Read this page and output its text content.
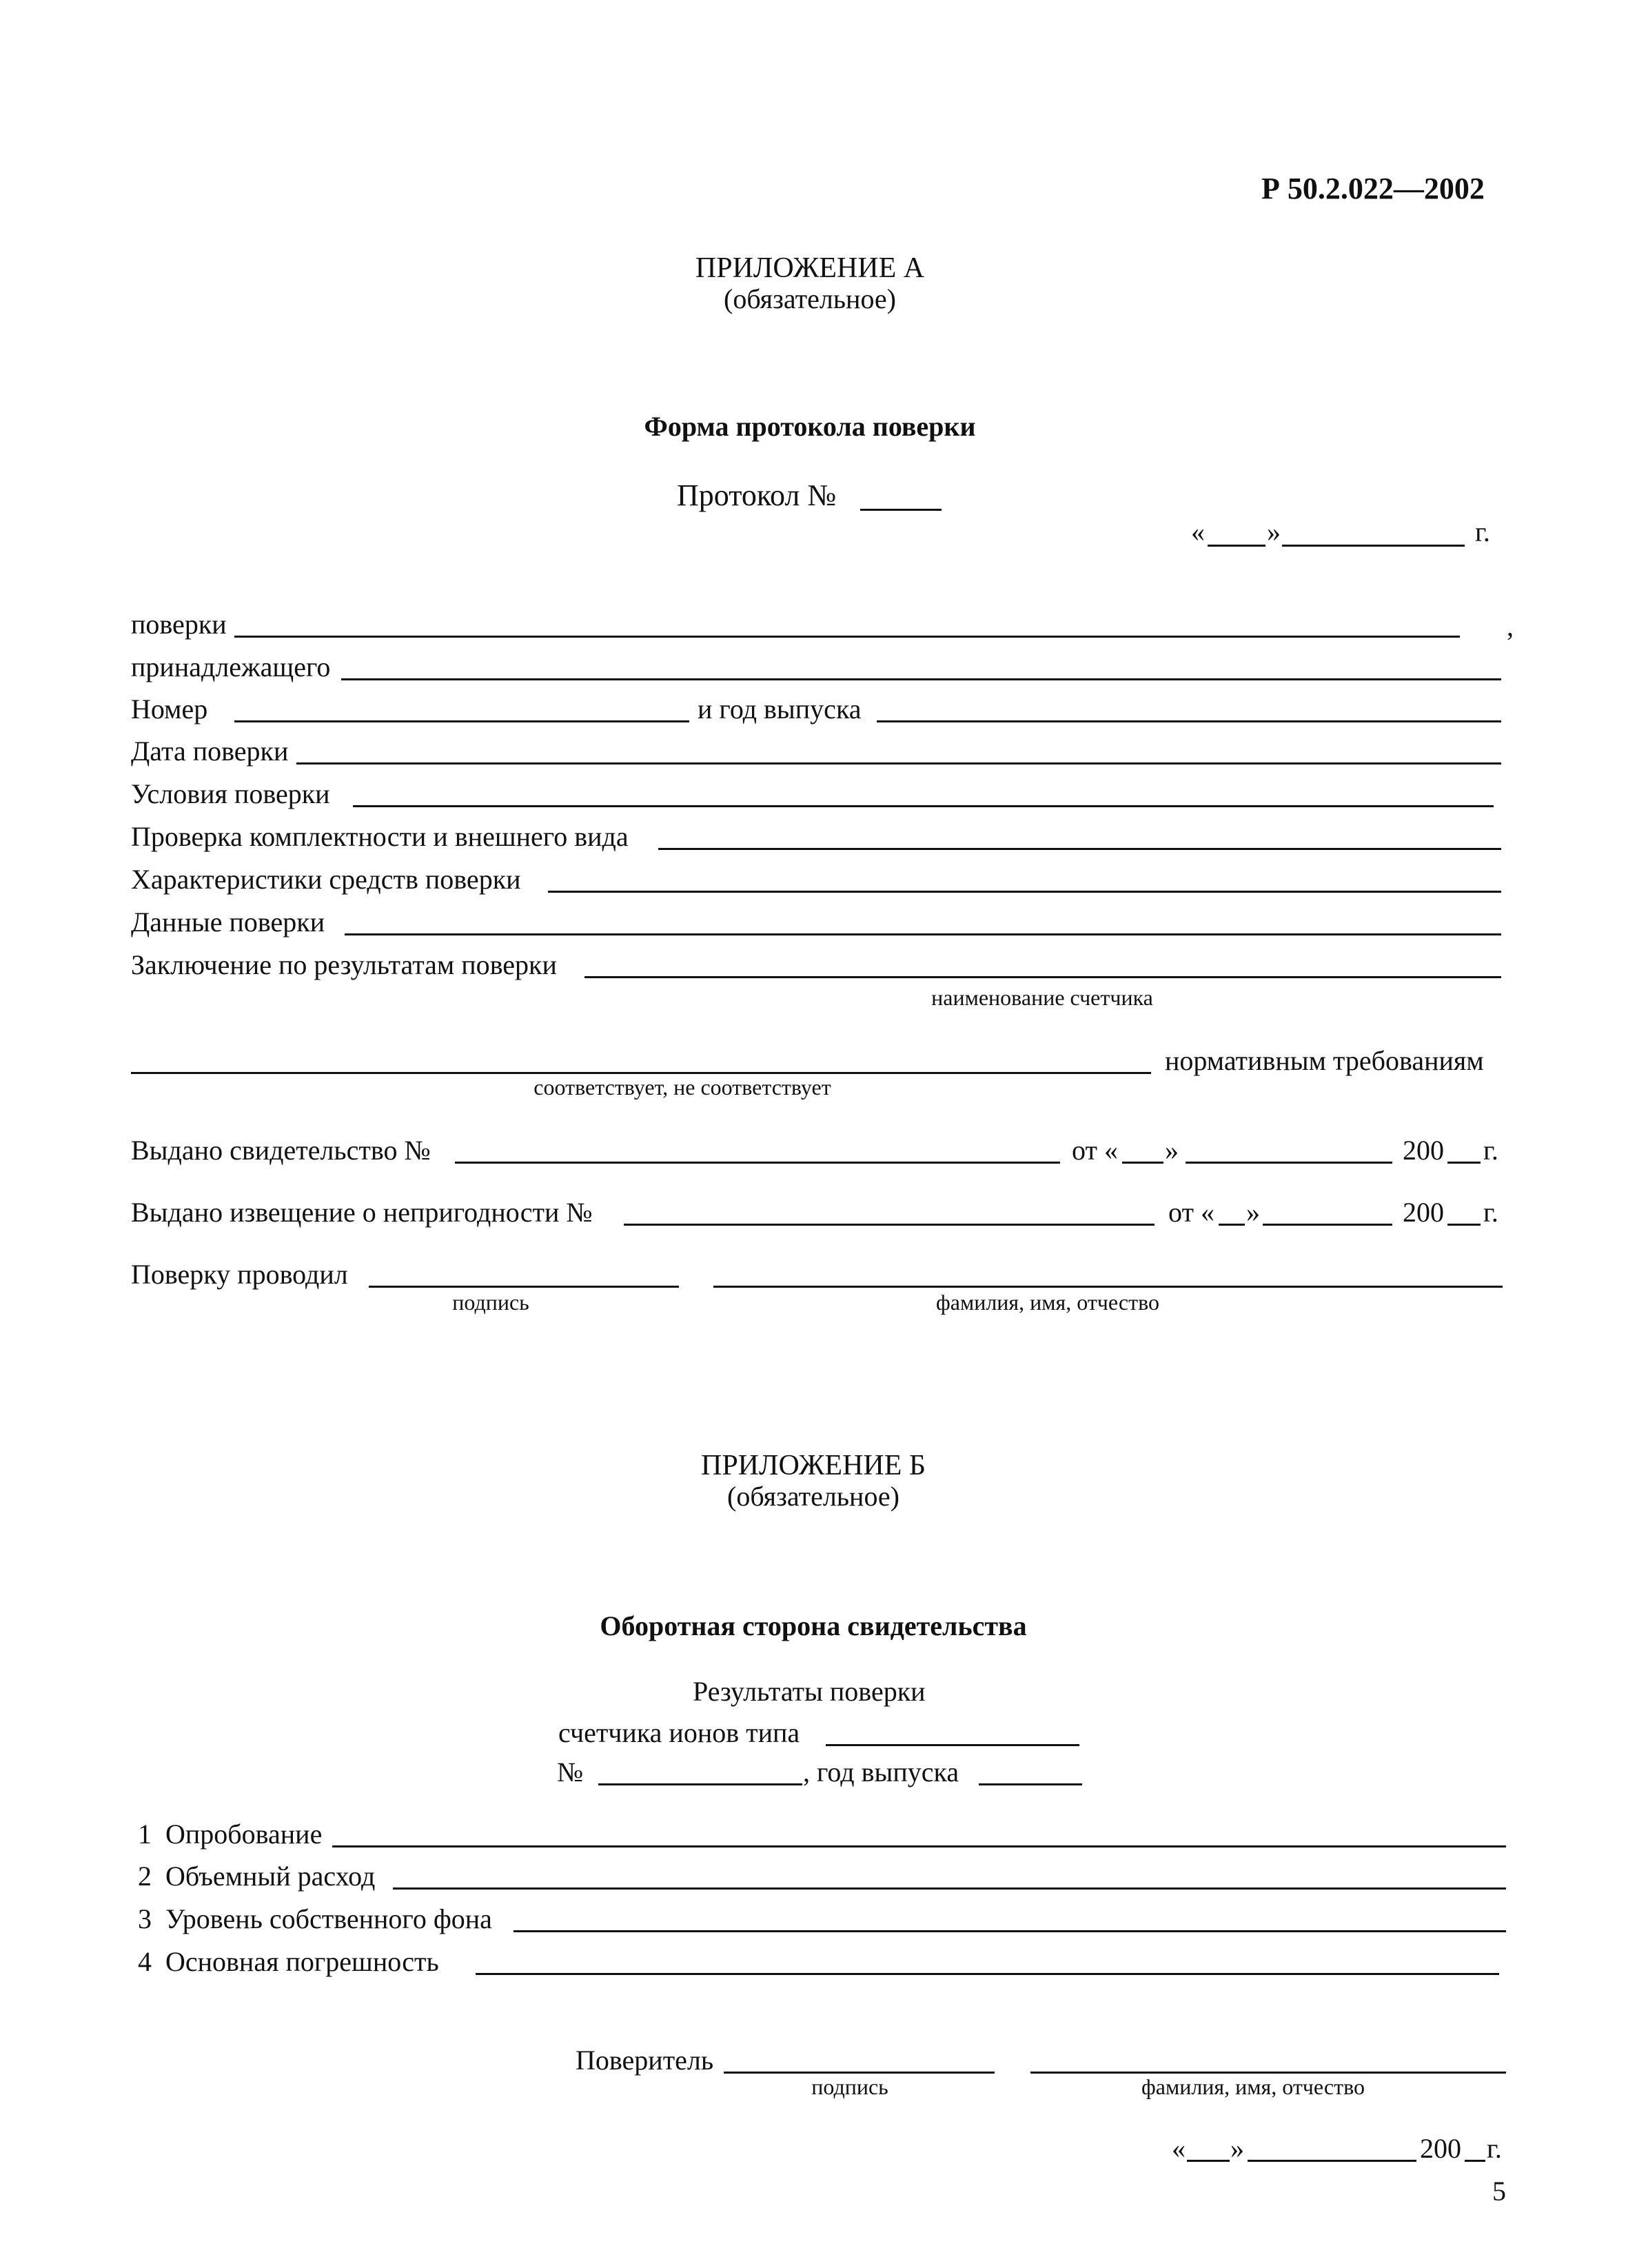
Р 50.2.022—2002
ПРИЛОЖЕНИЕ А
(обязательное)
Форма протокола поверки
Протокол №
« »	г.
поверки	,
принадлежащего
Номер	и год выпуска
Дата поверки
Условия поверки
Проверка комплектности и внешнего вида
Характеристики средств поверки
Данные поверки
Заключение по результатам поверки
наименование счетчика
нормативным требованиям
соответствует, не соответствует
Выдано свидетельство №	от « »	200 г.
Выдано извещение о непригодности №	от « »	200 г.
Поверку проводил
подпись	фамилия, имя, отчество
ПРИЛОЖЕНИЕ Б
(обязательное)
Оборотная сторона свидетельства
Результаты поверки
счетчика ионов типа
№	, год выпуска
1  Опробование
2  Объемный расход
3  Уровень собственного фона
4  Основная погрешность
Поверитель
подпись	фамилия, имя, отчество
« »	200 г.
5
